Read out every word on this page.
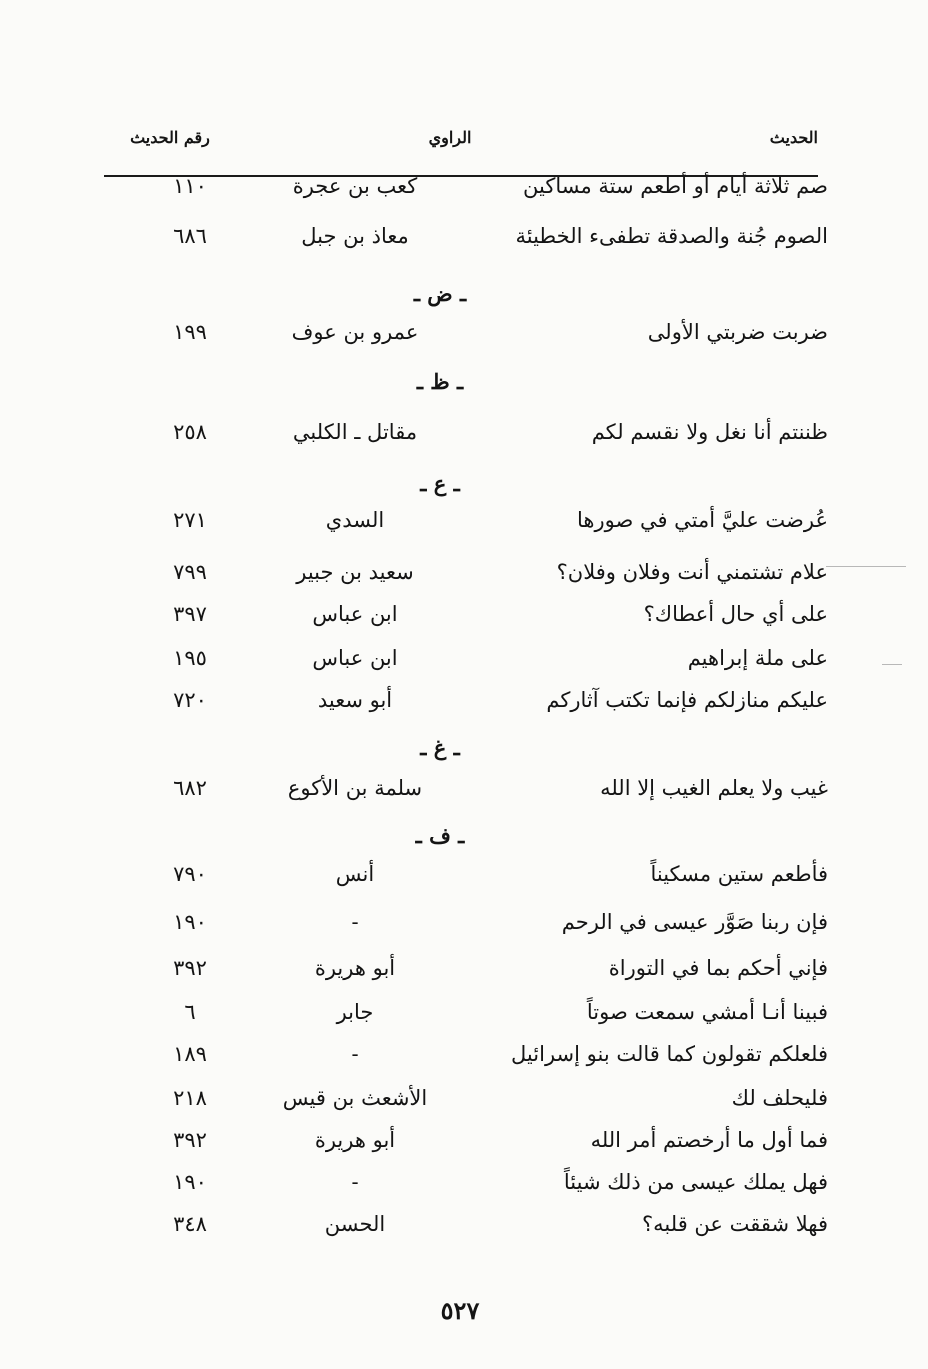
الحديث
الراوي
رقم الحديث
صم ثلاثة أيام أو أطعم ستة مساكين
كعب بن عجرة
١١٠
الصوم جُنة والصدقة تطفىء الخطيئة
معاذ بن جبل
٦٨٦
ـ ض ـ
ضربت ضربتي الأولى
عمرو بن عوف
١٩٩
ـ ظ ـ
ظننتم أنا نغل ولا نقسم لكم
مقاتل ـ الكلبي
٢٥٨
ـ ع ـ
عُرضت عليَّ أمتي في صورها
السدي
٢٧١
علام تشتمني أنت وفلان وفلان؟
سعيد بن جبير
٧٩٩
على أي حال أعطاك؟
ابن عباس
٣٩٧
على ملة إبراهيم
ابن عباس
١٩٥
عليكم منازلكم فإنما تكتب آثاركم
أبو سعيد
٧٢٠
ـ غ ـ
غيب ولا يعلم الغيب إلا الله
سلمة بن الأكوع
٦٨٢
ـ ف ـ
فأطعم ستين مسكيناً
أنس
٧٩٠
فإن ربنا صَوَّر عيسى في الرحم
-
١٩٠
فإني أحكم بما في التوراة
أبو هريرة
٣٩٢
فبينا أنـا أمشي سمعت صوتاً
جابر
٦
فلعلكم تقولون كما قالت بنو إسرائيل
-
١٨٩
فليحلف لك
الأشعث بن قيس
٢١٨
فما أول ما أرخصتم أمر الله
أبو هريرة
٣٩٢
فهل يملك عيسى من ذلك شيئاً
-
١٩٠
فهلا شققت عن قلبه؟
الحسن
٣٤٨
٥٢٧
